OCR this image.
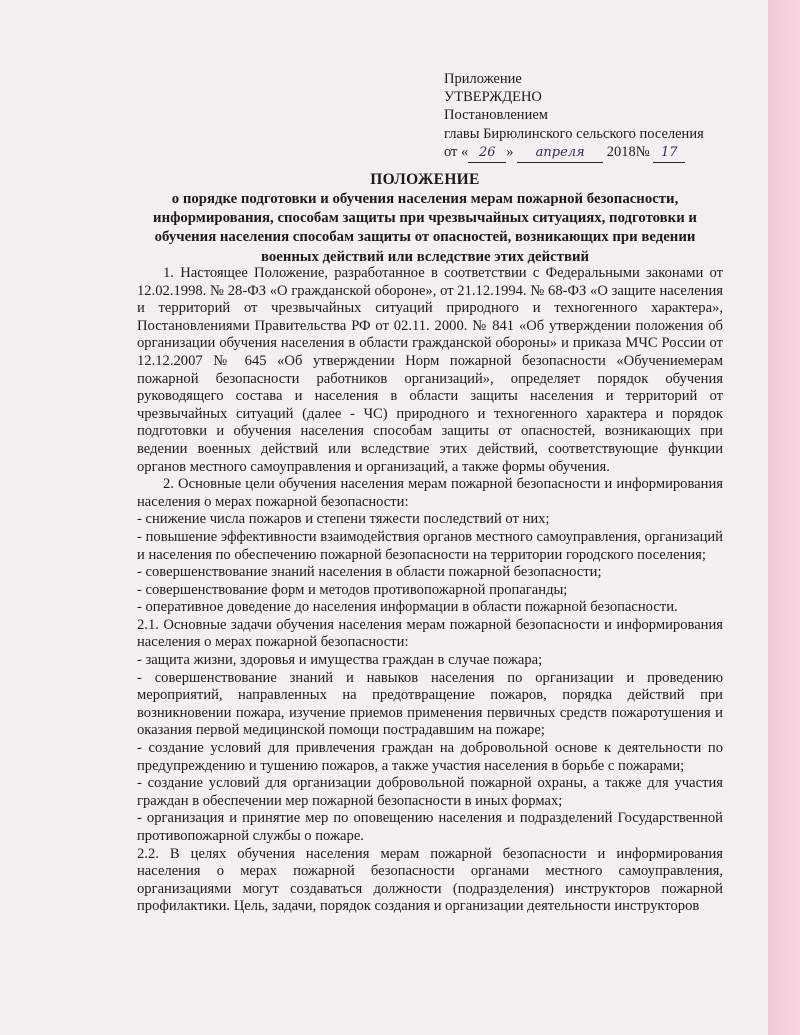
Приложение
УТВЕРЖДЕНО
Постановлением
главы Бирюлинского сельского поселения
от « 26 » апреля 2018№ 17
ПОЛОЖЕНИЕ
о порядке подготовки и обучения населения мерам пожарной безопасности, информирования, способам защиты при чрезвычайных ситуациях, подготовки и обучения населения способам защиты от опасностей, возникающих при ведении военных действий или вследствие этих действий

1. Настоящее Положение, разработанное в соответствии с Федеральными законами от 12.02.1998. № 28-ФЗ «О гражданской обороне», от 21.12.1994. № 68-ФЗ «О защите населения и территорий от чрезвычайных ситуаций природного и техногенного характера», Постановлениями Правительства РФ от 02.11. 2000. № 841 «Об утверждении положения об организации обучения населения в области гражданской обороны» и приказа МЧС России от 12.12.2007 № 645 «Об утверждении Норм пожарной безопасности «Обучениемерам пожарной безопасности работников организаций», определяет порядок обучения руководящего состава и населения в области защиты населения и территорий от чрезвычайных ситуаций (далее - ЧС) природного и техногенного характера и порядок подготовки и обучения населения способам защиты от опасностей, возникающих при ведении военных действий или вследствие этих действий, соответствующие функции органов местного самоуправления и организаций, а также формы обучения.

2. Основные цели обучения населения мерам пожарной безопасности и информирования населения о мерах пожарной безопасности:

- снижение числа пожаров и степени тяжести последствий от них;

- повышение эффективности взаимодействия органов местного самоуправления, организаций и населения по обеспечению пожарной безопасности на территории городского поселения;

- совершенствование знаний населения в области пожарной безопасности;

- совершенствование форм и методов противопожарной пропаганды;

- оперативное доведение до населения информации в области пожарной безопасности.

2.1. Основные задачи обучения населения мерам пожарной безопасности и информирования населения о мерах пожарной безопасности:

- защита жизни, здоровья и имущества граждан в случае пожара;

- совершенствование знаний и навыков населения по организации и проведению мероприятий, направленных на предотвращение пожаров, порядка действий при возникновении пожара, изучение приемов применения первичных средств пожаротушения и оказания первой медицинской помощи пострадавшим на пожаре;

- создание условий для привлечения граждан на добровольной основе к деятельности по предупреждению и тушению пожаров, а также участия населения в борьбе с пожарами;

- создание условий для организации добровольной пожарной охраны, а также для участия граждан в обеспечении мер пожарной безопасности в иных формах;

- организация и принятие мер по оповещению населения и подразделений Государственной противопожарной службы о пожаре.

2.2. В целях обучения населения мерам пожарной безопасности и информирования населения о мерах пожарной безопасности органами местного самоуправления, организациями могут создаваться должности (подразделения) инструкторов пожарной профилактики. Цель, задачи, порядок создания и организации деятельности инструкторов
